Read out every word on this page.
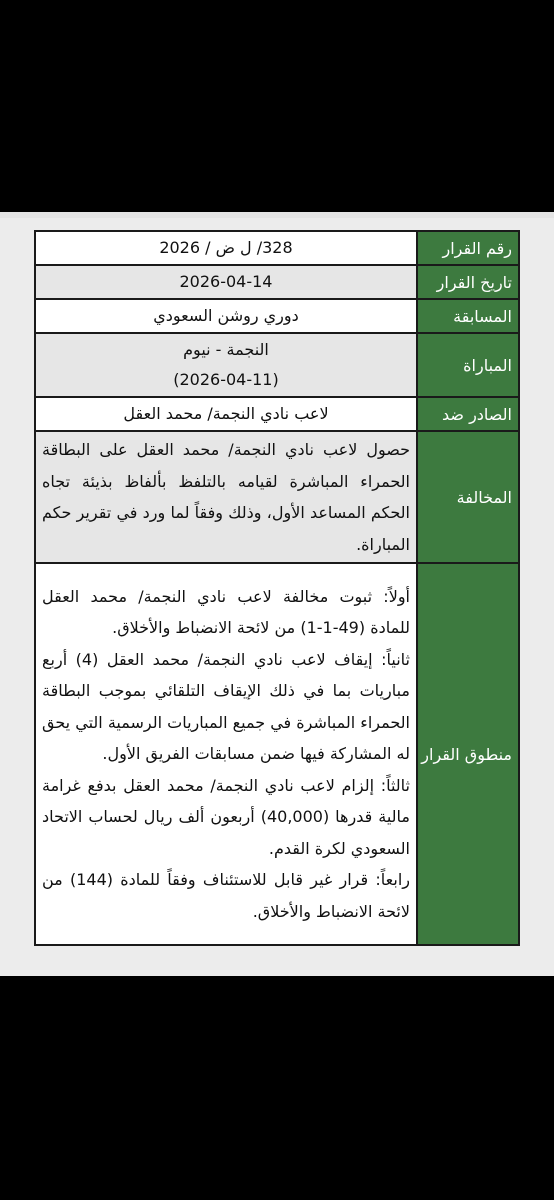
رقم القرار	328/ ل ض / 2026
تاريخ القرار	2026-04-14
المسابقة	دوري روشن السعودي
المباراة	النجمة - نيوم
(2026-04-11)

الصادر ضد	لاعب نادي النجمة/ محمد العقل
المخالفة	حصول لاعب نادي النجمة/ محمد العقل على البطاقة الحمراء المباشرة لقيامه بالتلفظ بألفاظ بذيئة تجاه الحكم المساعد الأول، وذلك وفقاً لما ورد في تقرير حكم المباراة.
منطوق القرار	أولاً: ثبوت مخالفة لاعب نادي النجمة/ محمد العقل للمادة (49-1-1) من لائحة الانضباط والأخلاق.
ثانياً: إيقاف لاعب نادي النجمة/ محمد العقل (4) أربع مباريات بما في ذلك الإيقاف التلقائي بموجب البطاقة الحمراء المباشرة في جميع المباريات الرسمية التي يحق له المشاركة فيها ضمن مسابقات الفريق الأول.
ثالثاً: إلزام لاعب نادي النجمة/ محمد العقل بدفع غرامة مالية قدرها (40,000) أربعون ألف ريال لحساب الاتحاد السعودي لكرة القدم.
رابعاً: قرار غير قابل للاستئناف وفقاً للمادة (144) من لائحة الانضباط والأخلاق.
